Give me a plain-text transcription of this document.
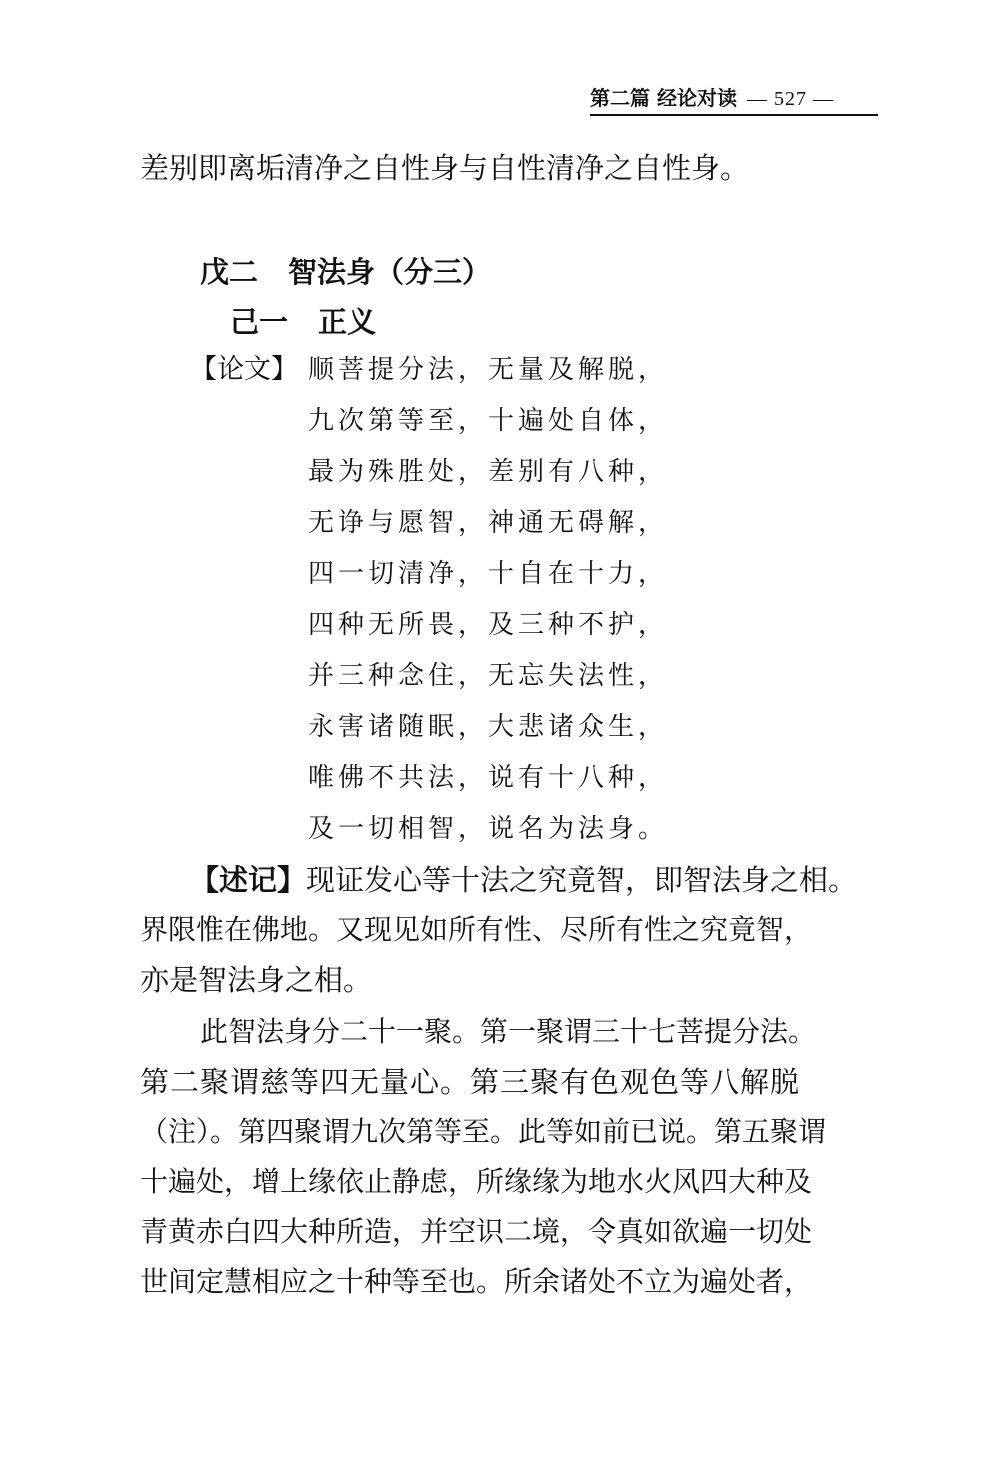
第二篇 经论对读 — 527 —
差别即离垢清净之自性身与自性清净之自性身。
戊二 智法身（分三）
己一 正义
【论文】 顺菩提分法，无量及解脱，
九次第等至，十遍处自体，
最为殊胜处，差别有八种，
无诤与愿智，神通无碍解，
四一切清净，十自在十力，
四种无所畏，及三种不护，
并三种念住，无忘失法性，
永害诸随眠，大悲诸众生，
唯佛不共法，说有十八种，
及一切相智，说名为法身。
【述记】现证发心等十法之究竟智，即智法身之相。
界限惟在佛地。又现见如所有性、尽所有性之究竟智，
亦是智法身之相。
此智法身分二十一聚。第一聚谓三十七菩提分法。
第二聚谓慈等四无量心。第三聚有色观色等八解脱
（注）。第四聚谓九次第等至。此等如前已说。第五聚谓
十遍处，增上缘依止静虑，所缘缘为地水火风四大种及
青黄赤白四大种所造，并空识二境，令真如欲遍一切处
世间定慧相应之十种等至也。所余诸处不立为遍处者，
